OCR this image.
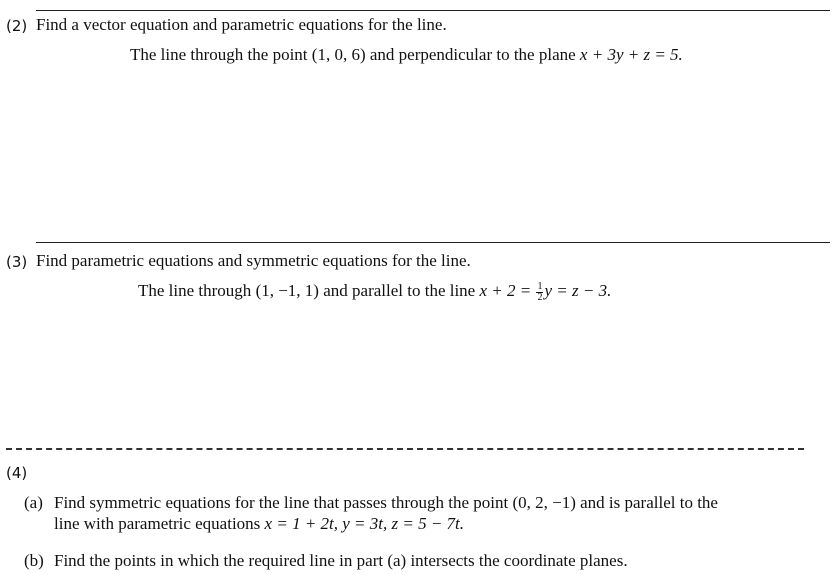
(2) Find a vector equation and parametric equations for the line.
The line through the point (1, 0, 6) and perpendicular to the plane x + 3y + z = 5.
(3) Find parametric equations and symmetric equations for the line.
The line through (1, −1, 1) and parallel to the line $x + 2 = \frac{1}{2}$ y = z − 3.
(4)
(a) Find symmetric equations for the line that passes through the point (0, 2, −1) and is parallel to the
line with parametric equations x = 1 + 2t, y = 3t, z = 5 − 7t.
(b) Find the points in which the required line in part (a) intersects the coordinate planes.
